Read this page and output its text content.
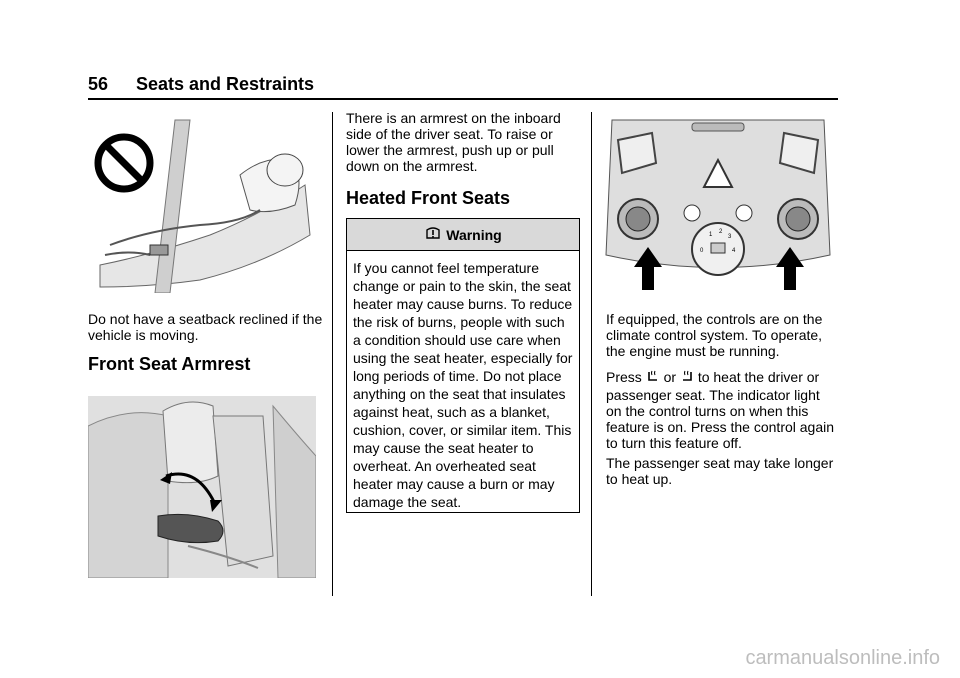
56 Seats and Restraints
Do not have a seatback reclined if the vehicle is moving.
Front Seat Armrest
There is an armrest on the inboard side of the driver seat. To raise or lower the armrest, push up or pull down on the armrest.
Heated Front Seats
Warning
If you cannot feel temperature change or pain to the skin, the seat heater may cause burns. To reduce the risk of burns, people with such a condition should use care when using the seat heater, especially for long periods of time. Do not place anything on the seat that insulates against heat, such as a blanket, cushion, cover, or similar item. This may cause the seat heater to overheat. An overheated seat heater may cause a burn or may damage the seat.
0
1 2
3
4
If equipped, the controls are on the climate control system. To operate, the engine must be running.
Press or to heat the driver or
passenger seat. The indicator light on the control turns on when this feature is on. Press the control again to turn this feature off.
The passenger seat may take longer to heat up.
carmanualsonline.info
